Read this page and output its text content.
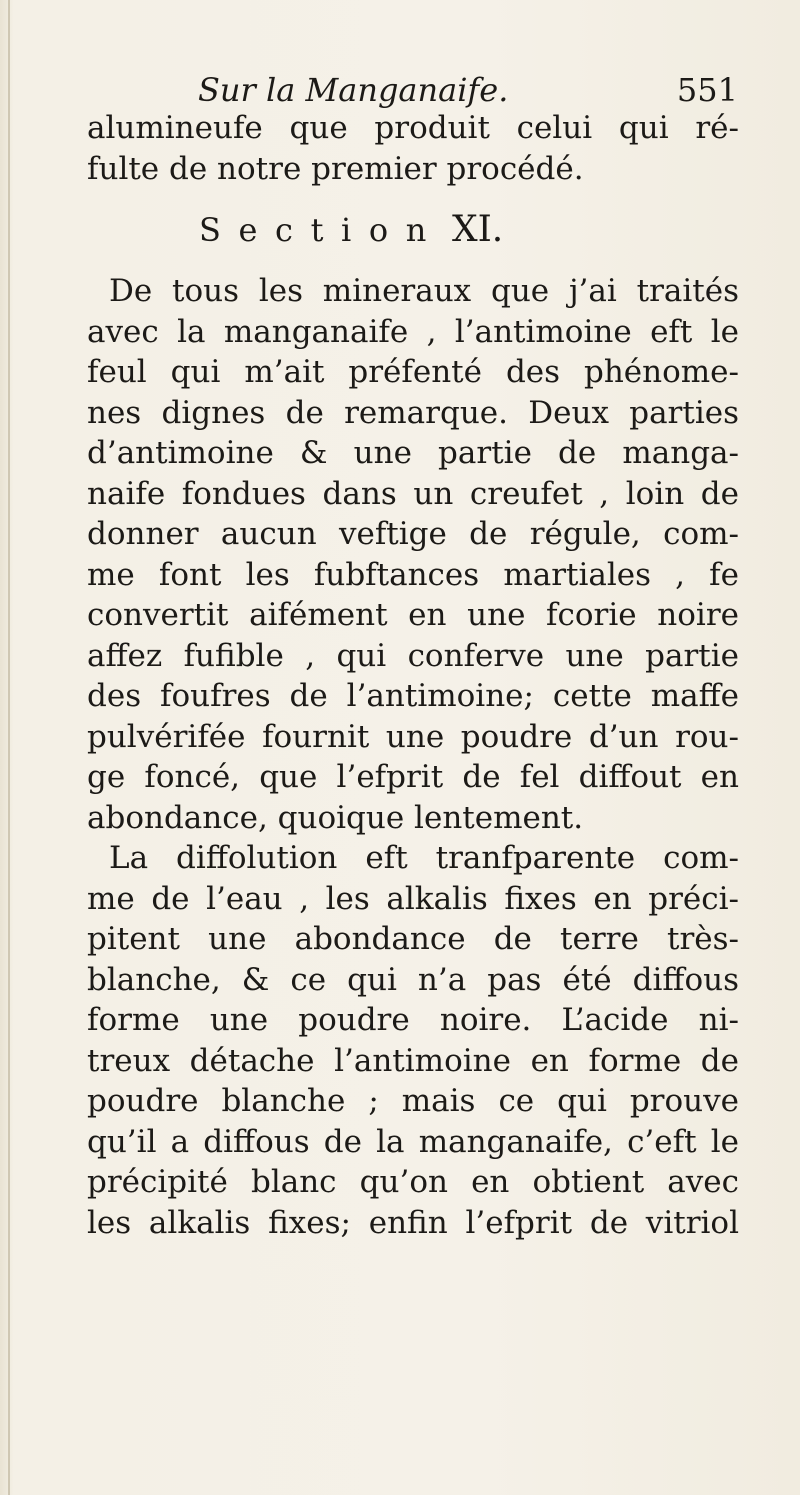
Sur la Manganaife.	551
alumineufe que produit celui qui ré-
fulte de notre premier procédé.
Section XI.
De tous les mineraux que j’ai traités
avec la manganaife , l’antimoine eft le
feul qui m’ait préfenté des phénome-
nes dignes de remarque. Deux parties
d’antimoine & une partie de manga-
naife fondues dans un creufet , loin de
donner aucun veftige de régule, com-
me font les fubftances martiales , fe
convertit aifément en une fcorie noire
affez fufible , qui conferve une partie
des foufres de l’antimoine; cette maffe
pulvérifée fournit une poudre d’un rou-
ge foncé, que l’efprit de fel diffout en
abondance, quoique lentement.
La diffolution eft tranfparente com-
me de l’eau , les alkalis fixes en préci-
pitent une abondance de terre très-
blanche, & ce qui n’a pas été diffous
forme une poudre noire. L’acide ni-
treux détache l’antimoine en forme de
poudre blanche ; mais ce qui prouve
qu’il a diffous de la manganaife, c’eft le
précipité blanc qu’on en obtient avec
les alkalis fixes; enfin l’efprit de vitriol
